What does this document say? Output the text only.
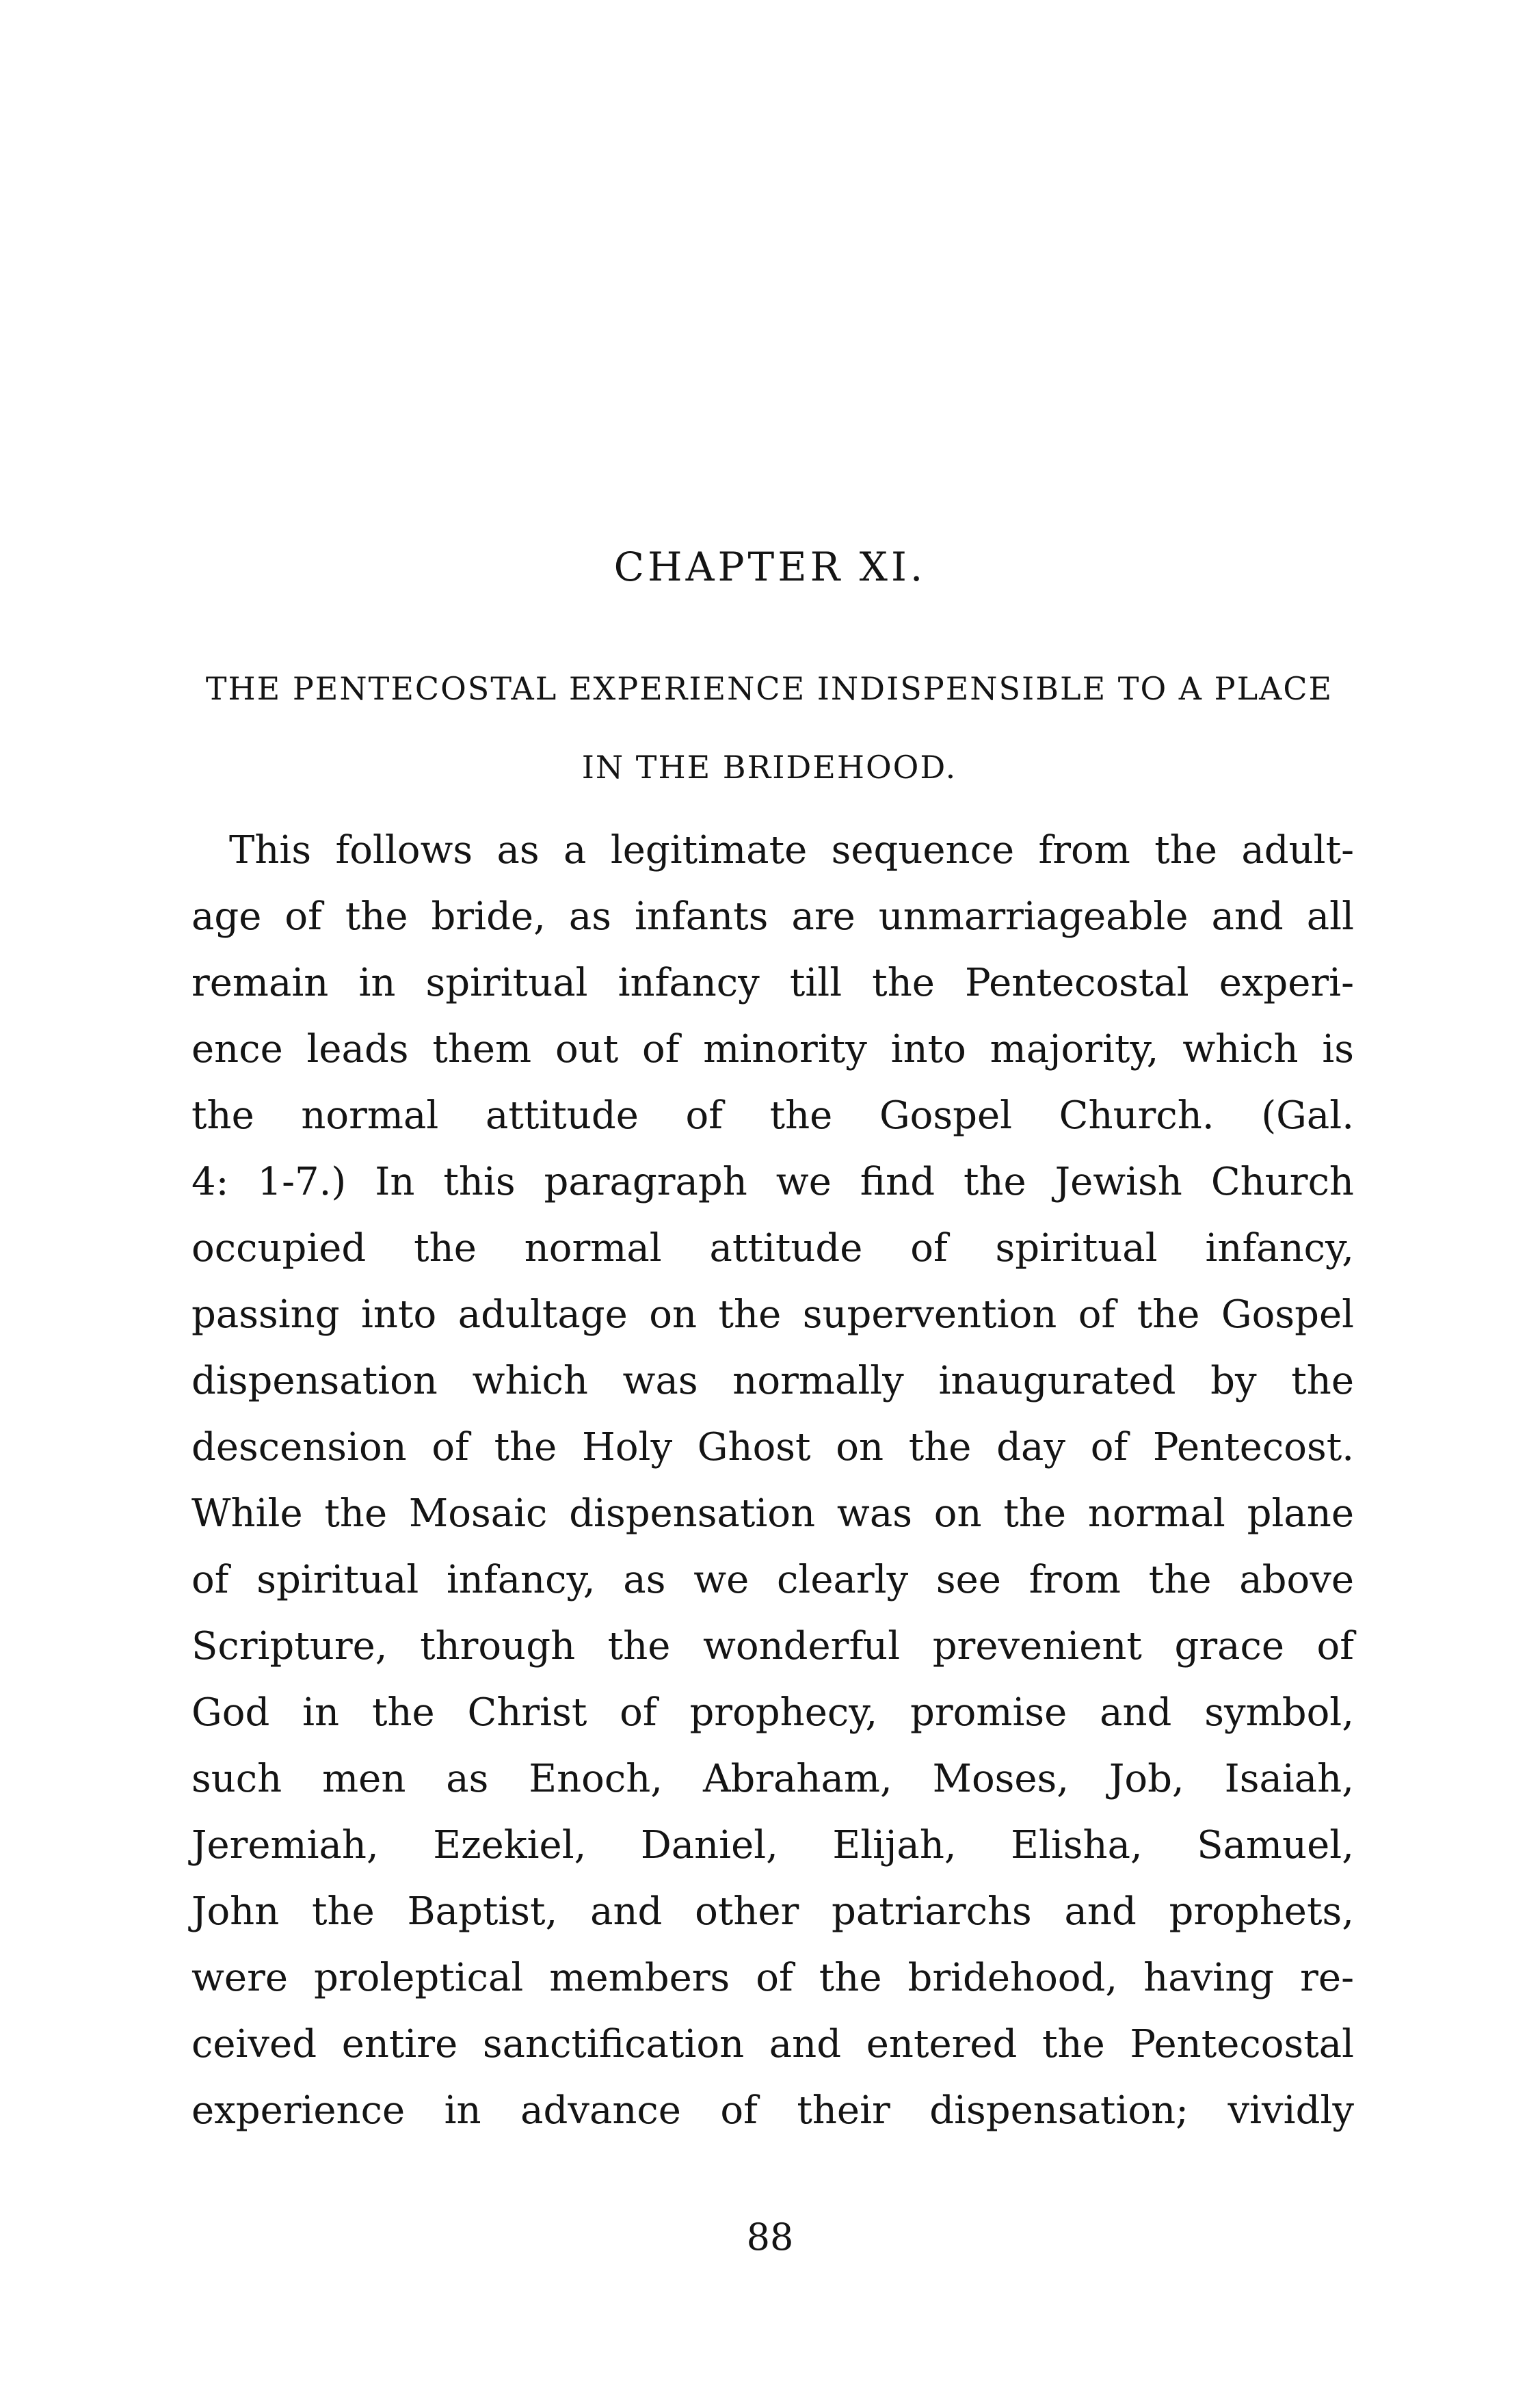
CHAPTER XI.
THE PENTECOSTAL EXPERIENCE INDISPENSIBLE TO A PLACE IN THE BRIDEHOOD.
This follows as a legitimate sequence from the adult-
age of the bride, as infants are unmarriageable and all
remain in spiritual infancy till the Pentecostal experi-
ence leads them out of minority into majority, which is
the normal attitude of the Gospel Church. (Gal.
4: 1-7.) In this paragraph we find the Jewish Church
occupied the normal attitude of spiritual infancy,
passing into adultage on the supervention of the Gospel
dispensation which was normally inaugurated by the
descension of the Holy Ghost on the day of Pentecost.
While the Mosaic dispensation was on the normal plane
of spiritual infancy, as we clearly see from the above
Scripture, through the wonderful prevenient grace of
God in the Christ of prophecy, promise and symbol,
such men as Enoch, Abraham, Moses, Job, Isaiah,
Jeremiah, Ezekiel, Daniel, Elijah, Elisha, Samuel,
John the Baptist, and other patriarchs and prophets,
were proleptical members of the bridehood, having re-
ceived entire sanctification and entered the Pentecostal
experience in advance of their dispensation; vividly
88
